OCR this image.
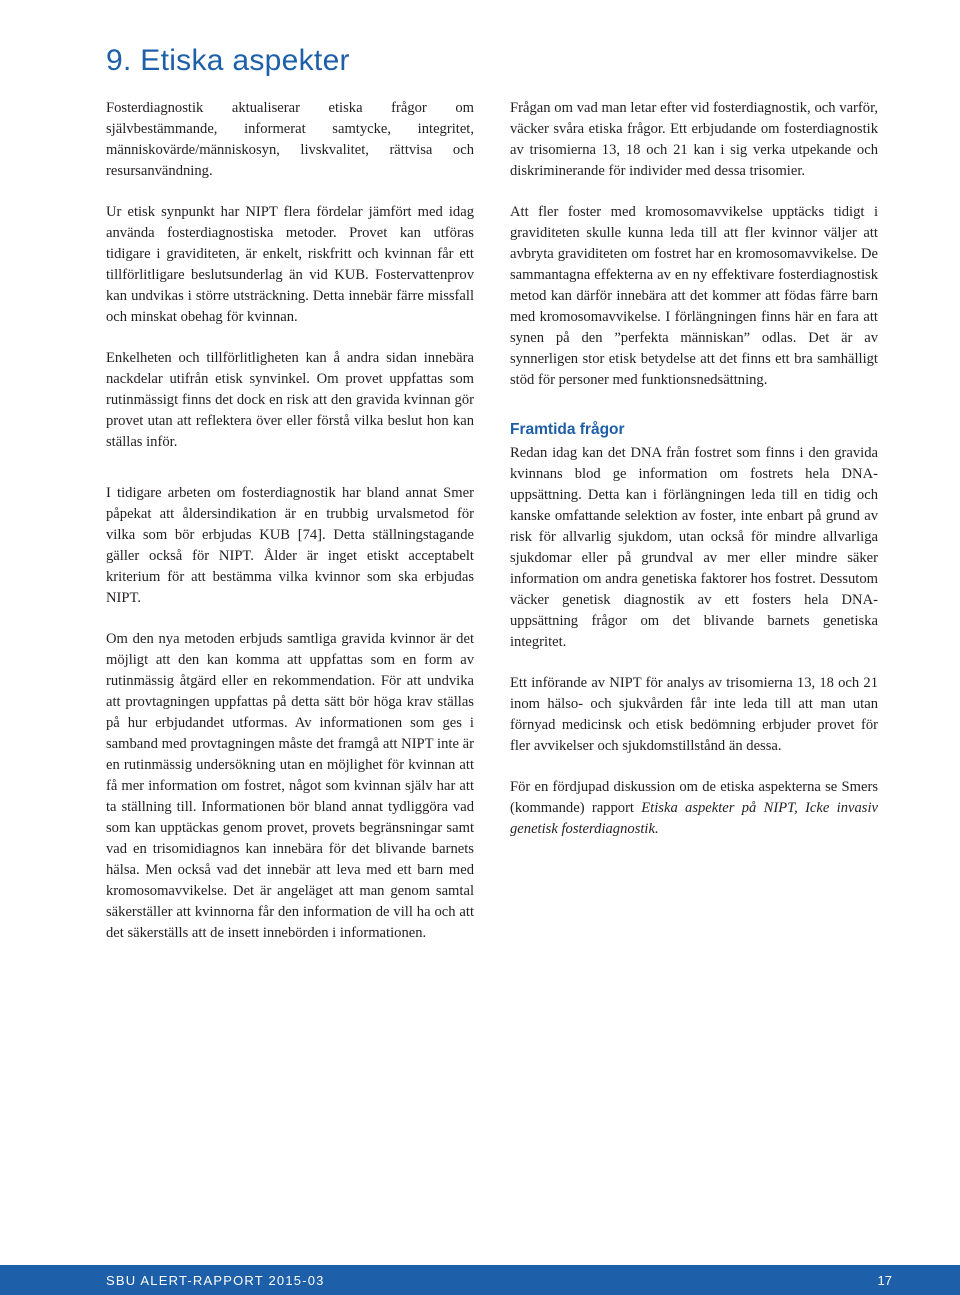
9. Etiska aspekter

Fosterdiagnostik aktualiserar etiska frågor om självbestämmande, informerat samtycke, integritet, människovärde/människosyn, livskvalitet, rättvisa och resursanvändning.

Ur etisk synpunkt har NIPT flera fördelar jämfört med idag använda fosterdiagnostiska metoder. Provet kan utföras tidigare i graviditeten, är enkelt, riskfritt och kvinnan får ett tillförlitligare beslutsunderlag än vid KUB. Fostervattenprov kan undvikas i större utsträckning. Detta innebär färre missfall och minskat obehag för kvinnan.

Enkelheten och tillförlitligheten kan å andra sidan innebära nackdelar utifrån etisk synvinkel. Om provet uppfattas som rutinmässigt finns det dock en risk att den gravida kvinnan gör provet utan att reflektera över eller förstå vilka beslut hon kan ställas inför.

I tidigare arbeten om fosterdiagnostik har bland annat Smer påpekat att åldersindikation är en trubbig urvalsmetod för vilka som bör erbjudas KUB [74]. Detta ställningstagande gäller också för NIPT. Ålder är inget etiskt acceptabelt kriterium för att bestämma vilka kvinnor som ska erbjudas NIPT.

Om den nya metoden erbjuds samtliga gravida kvinnor är det möjligt att den kan komma att uppfattas som en form av rutinmässig åtgärd eller en rekommendation. För att undvika att provtagningen uppfattas på detta sätt bör höga krav ställas på hur erbjudandet utformas. Av informationen som ges i samband med provtagningen måste det framgå att NIPT inte är en rutinmässig undersökning utan en möjlighet för kvinnan att få mer information om fostret, något som kvinnan själv har att ta ställning till. Informationen bör bland annat tydliggöra vad som kan upptäckas genom provet, provets begränsningar samt vad en trisomidiagnos kan innebära för det blivande barnets hälsa. Men också vad det innebär att leva med ett barn med kromosomavvikelse. Det är angeläget att man genom samtal säkerställer att kvinnorna får den information de vill ha och att det säkerställs att de insett innebörden i informationen.

Frågan om vad man letar efter vid fosterdiagnostik, och varför, väcker svåra etiska frågor. Ett erbjudande om fosterdiagnostik av trisomierna 13, 18 och 21 kan i sig verka utpekande och diskriminerande för individer med dessa trisomier.

Att fler foster med kromosomavvikelse upptäcks tidigt i graviditeten skulle kunna leda till att fler kvinnor väljer att avbryta graviditeten om fostret har en kromosomavvikelse. De sammantagna effekterna av en ny effektivare fosterdiagnostisk metod kan därför innebära att det kommer att födas färre barn med kromosomavvikelse. I förlängningen finns här en fara att synen på den ”perfekta människan” odlas. Det är av synnerligen stor etisk betydelse att det finns ett bra samhälligt stöd för personer med funktionsnedsättning.

Framtida frågor

Redan idag kan det DNA från fostret som finns i den gravida kvinnans blod ge information om fostrets hela DNA-uppsättning. Detta kan i förlängningen leda till en tidig och kanske omfattande selektion av foster, inte enbart på grund av risk för allvarlig sjukdom, utan också för mindre allvarliga sjukdomar eller på grundval av mer eller mindre säker information om andra genetiska faktorer hos fostret. Dessutom väcker genetisk diagnostik av ett fosters hela DNA-uppsättning frågor om det blivande barnets genetiska integritet.

Ett införande av NIPT för analys av trisomierna 13, 18 och 21 inom hälso- och sjukvården får inte leda till att man utan förnyad medicinsk och etisk bedömning erbjuder provet för fler avvikelser och sjukdomstillstånd än dessa.

För en fördjupad diskussion om de etiska aspekterna se Smers (kommande) rapport Etiska aspekter på NIPT, Icke invasiv genetisk fosterdiagnostik.

SBU ALERT-RAPPORT 2015-03	17
